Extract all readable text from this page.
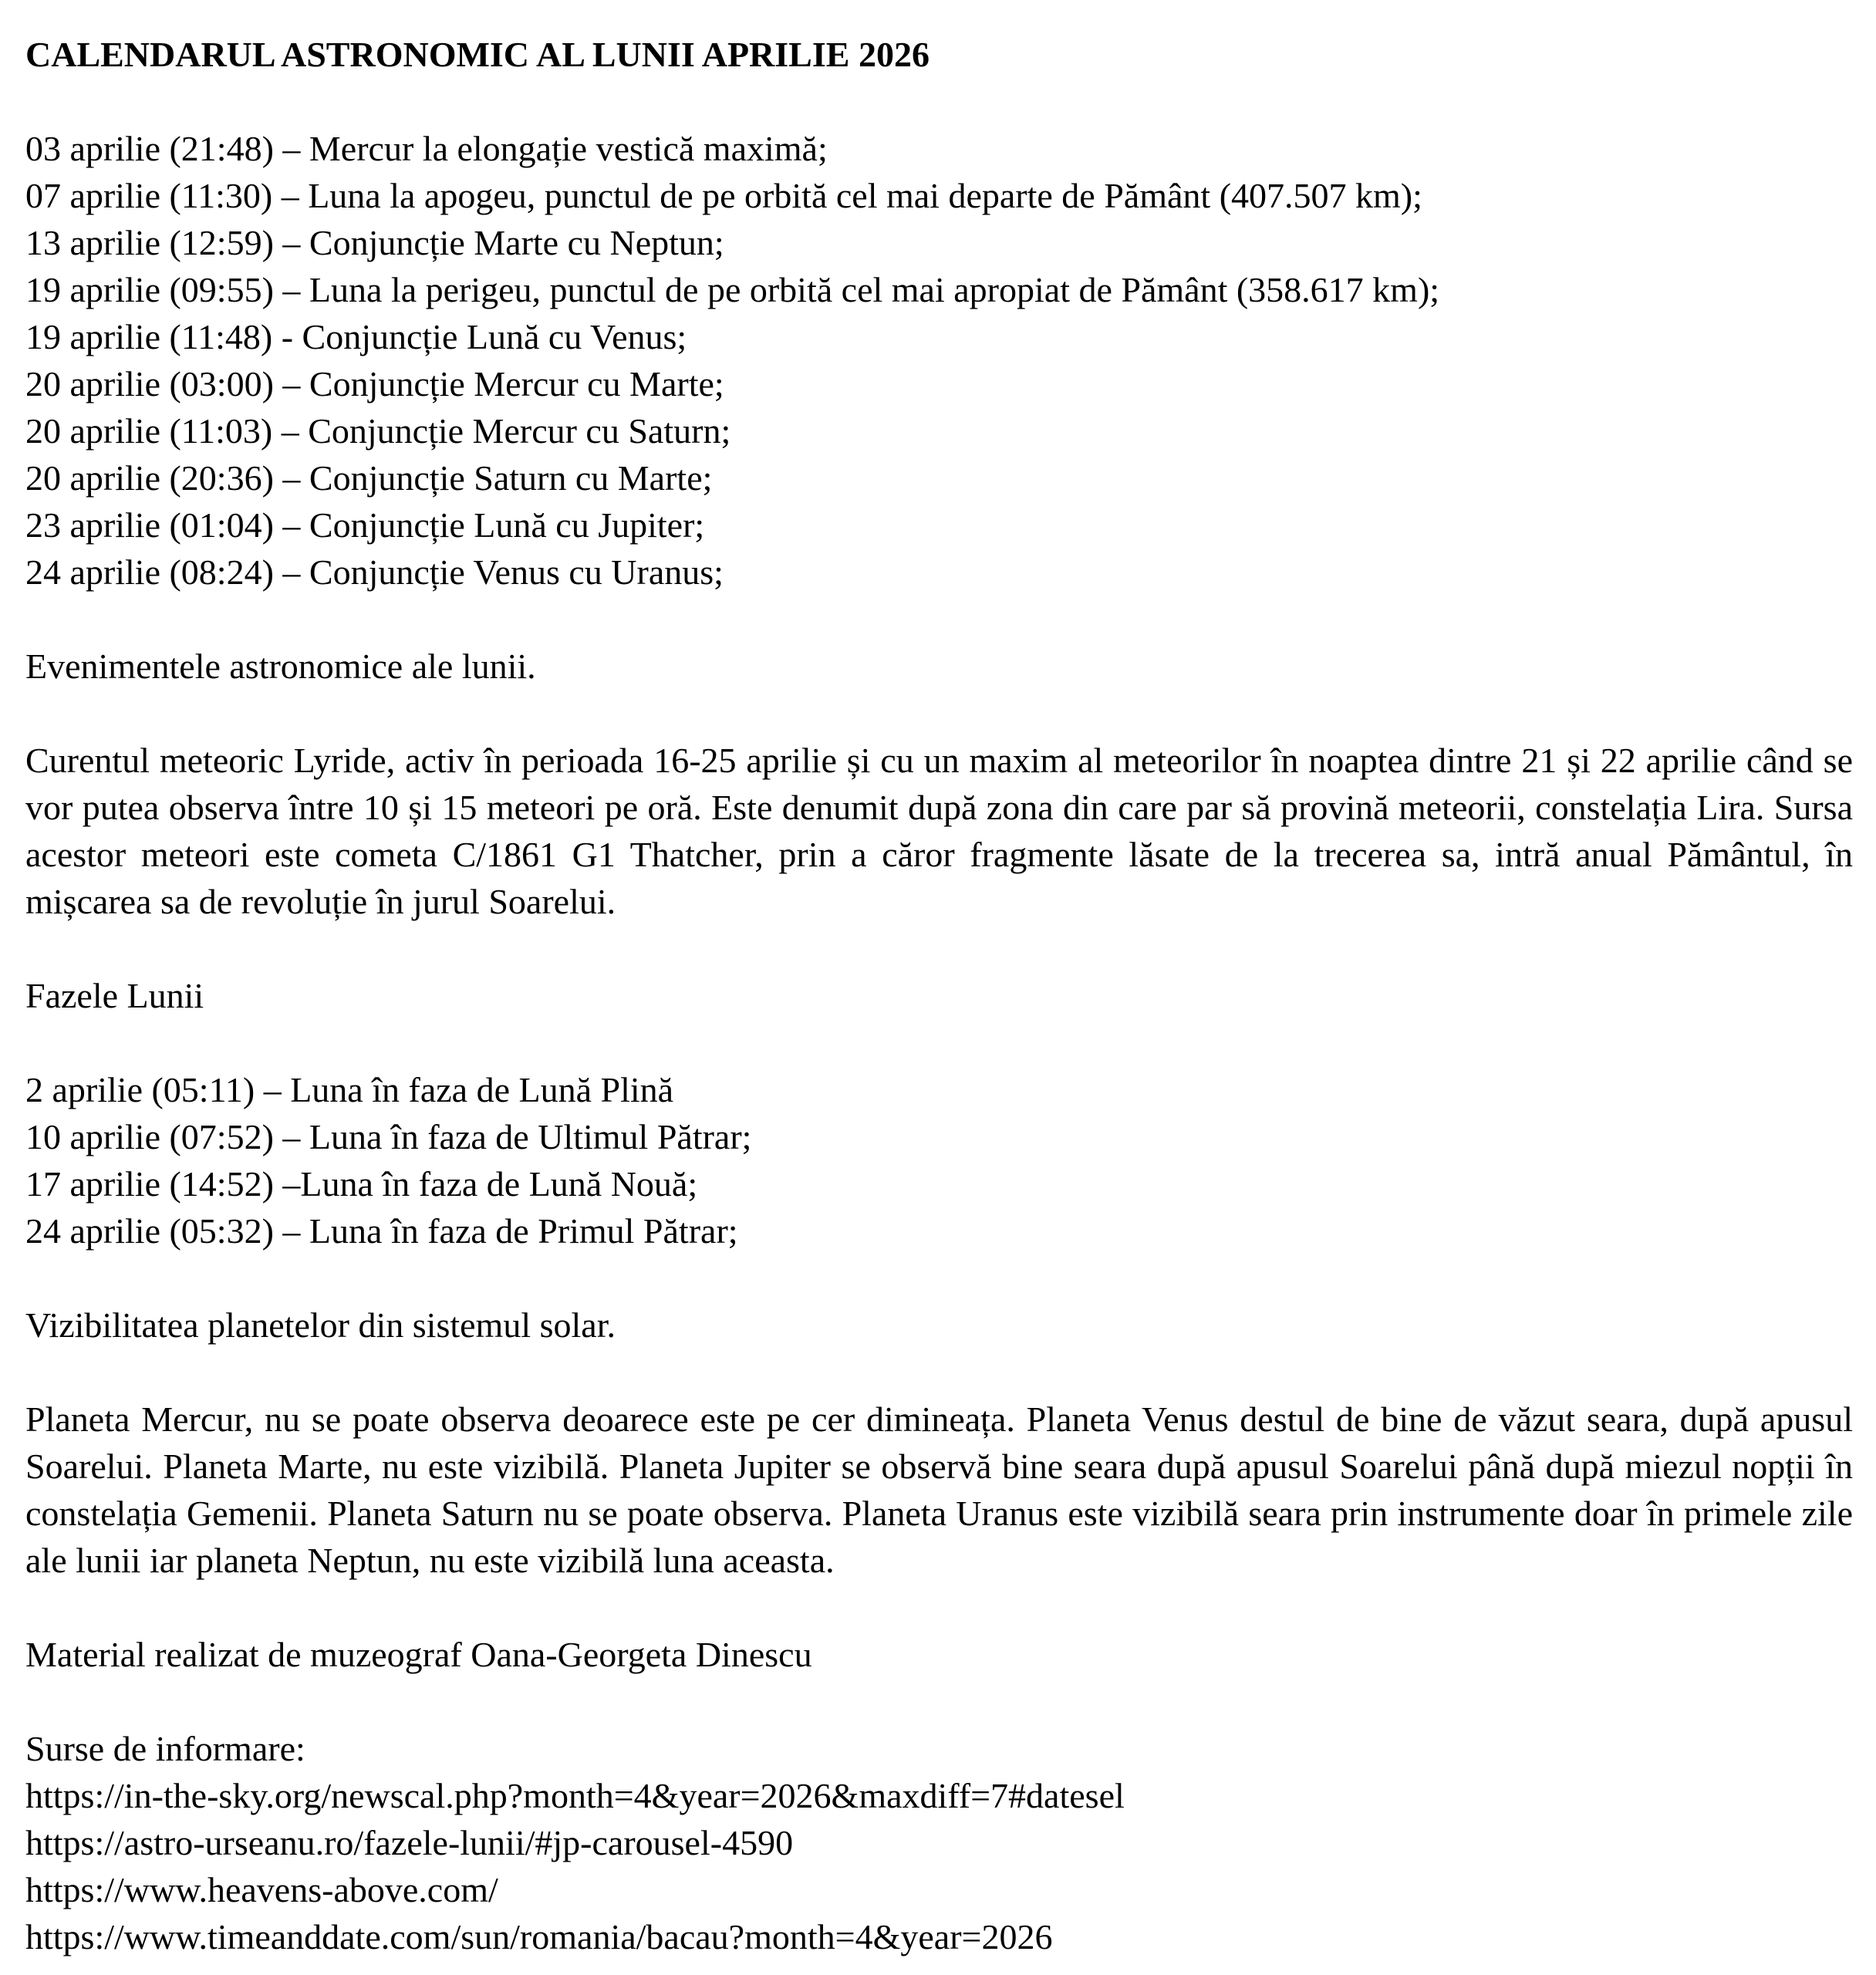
CALENDARUL ASTRONOMIC AL LUNII APRILIE 2026
03 aprilie (21:48) – Mercur la elongație vestică maximă;
07 aprilie (11:30) – Luna la apogeu, punctul de pe orbită cel mai departe de Pământ (407.507 km);
13 aprilie (12:59) – Conjuncție Marte cu Neptun;
19 aprilie (09:55) – Luna la perigeu, punctul de pe orbită cel mai apropiat de Pământ (358.617 km);
19 aprilie (11:48) - Conjuncție Lună cu Venus;
20 aprilie (03:00) – Conjuncție Mercur cu Marte;
20 aprilie (11:03) – Conjuncție Mercur cu Saturn;
20 aprilie (20:36) – Conjuncție Saturn cu Marte;
23 aprilie (01:04) – Conjuncție Lună cu Jupiter;
24 aprilie (08:24) – Conjuncție Venus cu Uranus;
Evenimentele astronomice ale lunii.
Curentul meteoric Lyride, activ în perioada 16-25 aprilie și cu un maxim al meteorilor în noaptea dintre 21 și 22 aprilie când se vor putea observa între 10 și 15 meteori pe oră. Este denumit după zona din care par să provină meteorii, constelația Lira. Sursa acestor meteori este cometa C/1861 G1 Thatcher, prin a căror fragmente lăsate de la trecerea sa, intră anual Pământul, în mișcarea sa de revoluție în jurul Soarelui.
Fazele Lunii
2 aprilie (05:11) – Luna în faza de Lună Plină
10 aprilie (07:52) – Luna în faza de Ultimul Pătrar;
17 aprilie (14:52) –Luna în faza de Lună Nouă;
24 aprilie (05:32) – Luna în faza de Primul Pătrar;
Vizibilitatea planetelor din sistemul solar.
Planeta Mercur, nu se poate observa deoarece este pe cer dimineața. Planeta Venus destul de bine de văzut seara, după apusul Soarelui. Planeta Marte, nu este vizibilă. Planeta Jupiter se observă bine seara după apusul Soarelui până după miezul nopții în constelația Gemenii. Planeta Saturn nu se poate observa. Planeta Uranus este vizibilă seara prin instrumente doar în primele zile ale lunii iar planeta Neptun, nu este vizibilă luna aceasta.
Material realizat de muzeograf Oana-Georgeta Dinescu
Surse de informare:
https://in-the-sky.org/newscal.php?month=4&year=2026&maxdiff=7#datesel
https://astro-urseanu.ro/fazele-lunii/#jp-carousel-4590
https://www.heavens-above.com/
https://www.timeanddate.com/sun/romania/bacau?month=4&year=2026
